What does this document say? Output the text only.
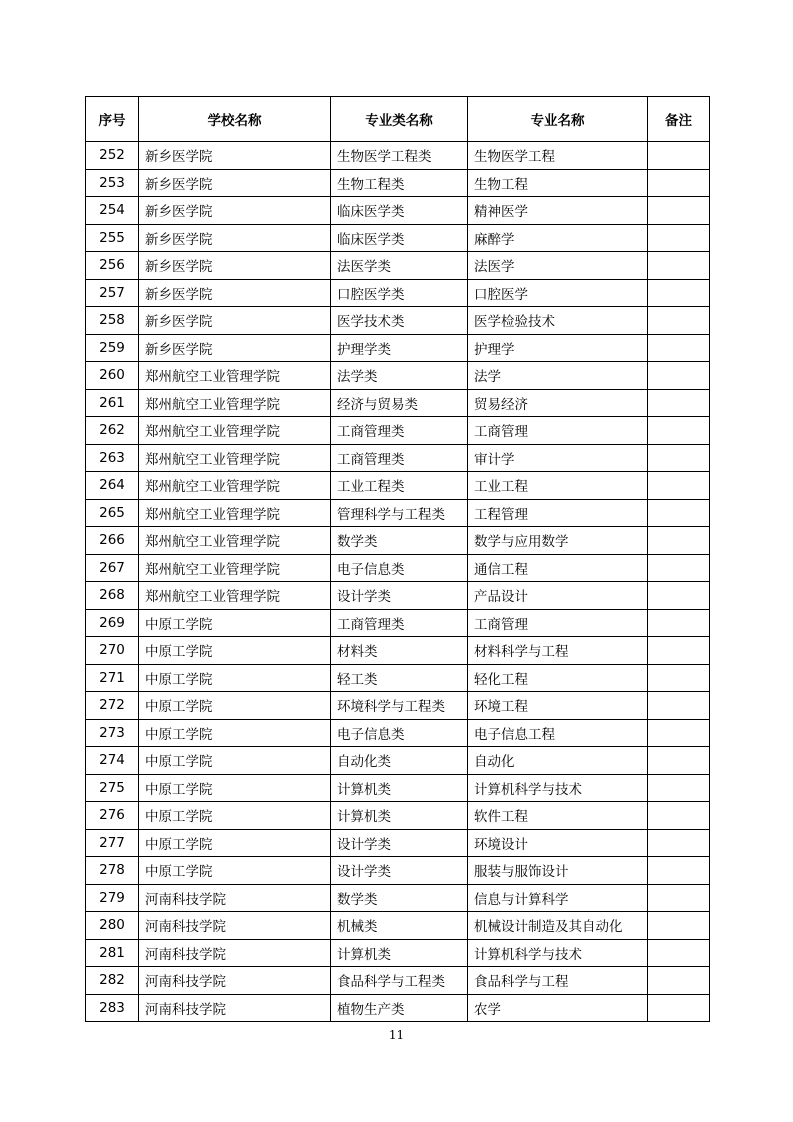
序号	学校名称	专业类名称	专业名称	备注
252	新乡医学院	生物医学工程类	生物医学工程	
253	新乡医学院	生物工程类	生物工程	
254	新乡医学院	临床医学类	精神医学	
255	新乡医学院	临床医学类	麻醉学	
256	新乡医学院	法医学类	法医学	
257	新乡医学院	口腔医学类	口腔医学	
258	新乡医学院	医学技术类	医学检验技术	
259	新乡医学院	护理学类	护理学	
260	郑州航空工业管理学院	法学类	法学	
261	郑州航空工业管理学院	经济与贸易类	贸易经济	
262	郑州航空工业管理学院	工商管理类	工商管理	
263	郑州航空工业管理学院	工商管理类	审计学	
264	郑州航空工业管理学院	工业工程类	工业工程	
265	郑州航空工业管理学院	管理科学与工程类	工程管理	
266	郑州航空工业管理学院	数学类	数学与应用数学	
267	郑州航空工业管理学院	电子信息类	通信工程	
268	郑州航空工业管理学院	设计学类	产品设计	
269	中原工学院	工商管理类	工商管理	
270	中原工学院	材料类	材料科学与工程	
271	中原工学院	轻工类	轻化工程	
272	中原工学院	环境科学与工程类	环境工程	
273	中原工学院	电子信息类	电子信息工程	
274	中原工学院	自动化类	自动化	
275	中原工学院	计算机类	计算机科学与技术	
276	中原工学院	计算机类	软件工程	
277	中原工学院	设计学类	环境设计	
278	中原工学院	设计学类	服装与服饰设计	
279	河南科技学院	数学类	信息与计算科学	
280	河南科技学院	机械类	机械设计制造及其自动化	
281	河南科技学院	计算机类	计算机科学与技术	
282	河南科技学院	食品科学与工程类	食品科学与工程	
283	河南科技学院	植物生产类	农学	
11
